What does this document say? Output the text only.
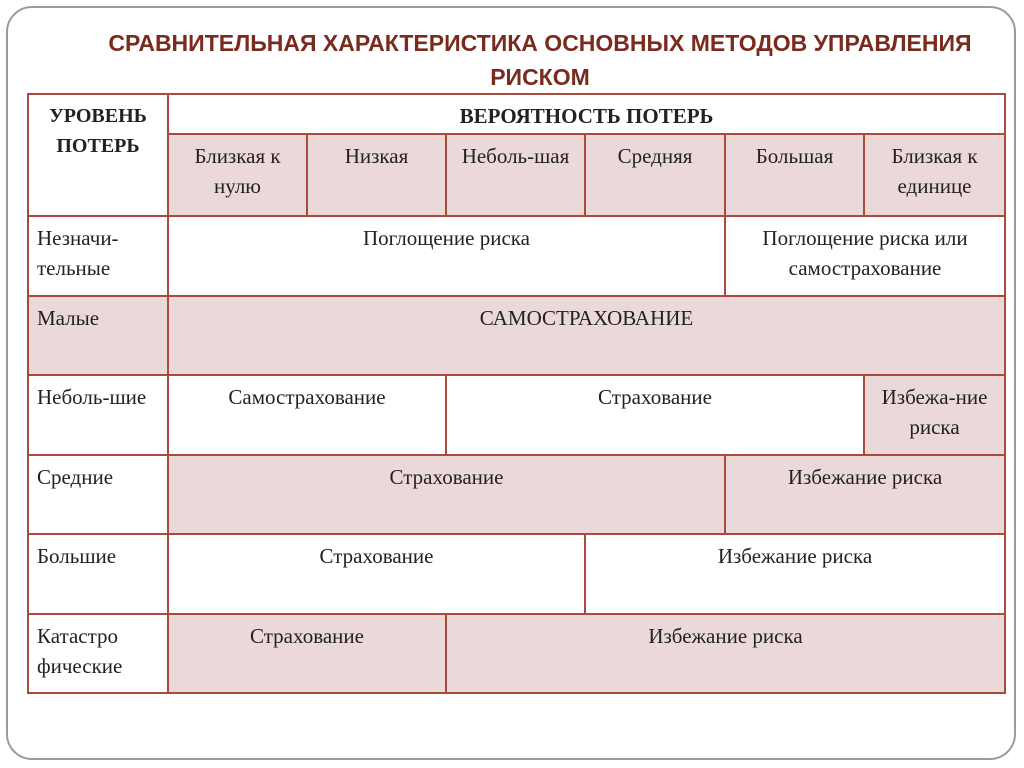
СРАВНИТЕЛЬНАЯ ХАРАКТЕРИСТИКА ОСНОВНЫХ МЕТОДОВ УПРАВЛЕНИЯ РИСКОМ
УРОВЕНЬ ПОТЕРЬ	ВЕРОЯТНОСТЬ ПОТЕРЬ					
	Близкая к нулю	Низкая	Неболь-шая	Средняя	Большая	Близкая к единице
Незначи-тельные	Поглощение риска				Поглощение риска или самострахование	
Малые	САМОСТРАХОВАНИЕ					
Неболь-шие	Самострахование		Страхование			Избежа-ние риска
Средние	Страхование				Избежание риска	
Большие	Страхование			Избежание риска		
Катастро фические	Страхование		Избежание риска			
